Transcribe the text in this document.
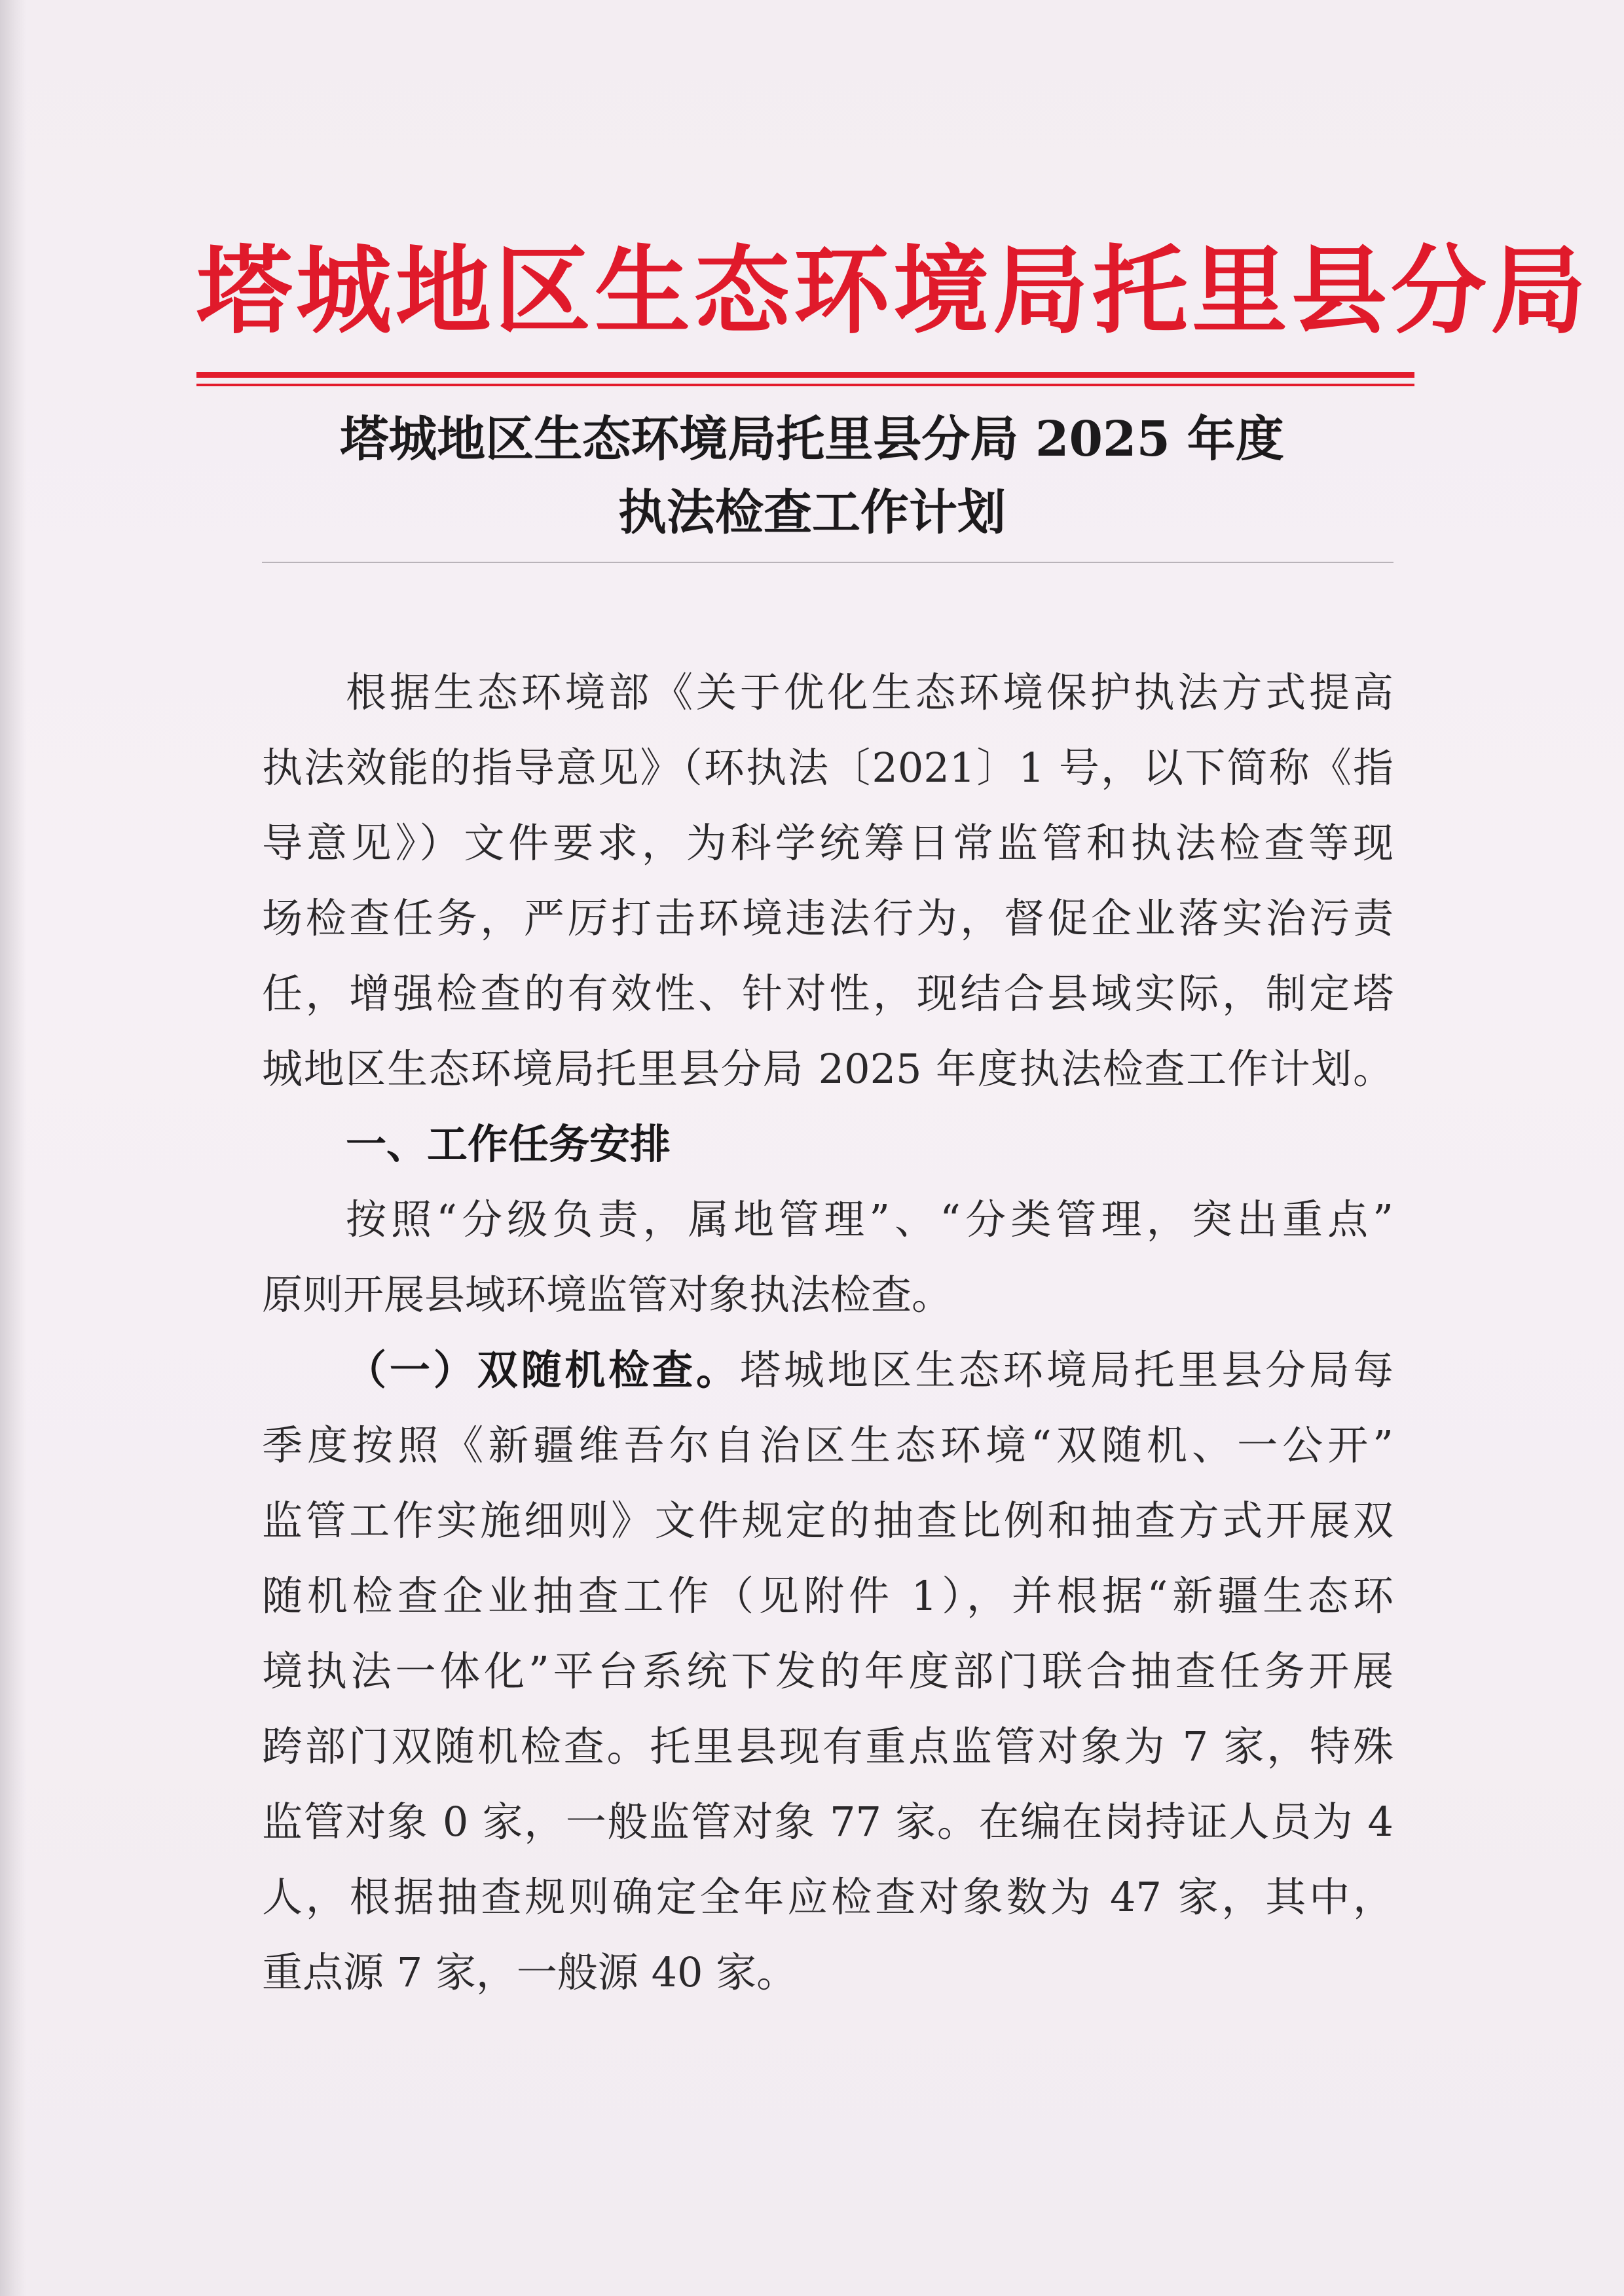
塔城地区生态环境局托里县分局
塔城地区生态环境局托里县分局 2025 年度
执法检查工作计划
根据生态环境部《关于优化生态环境保护执法方式提高
执法效能的指导意见》（环执法〔2021〕1 号，以下简称《指
导意见》）文件要求，为科学统筹日常监管和执法检查等现
场检查任务，严厉打击环境违法行为，督促企业落实治污责
任，增强检查的有效性、针对性，现结合县域实际，制定塔
城地区生态环境局托里县分局 2025 年度执法检查工作计划。
一、工作任务安排
按照“分级负责，属地管理”、“分类管理，突出重点”
原则开展县域环境监管对象执法检查。
（一）双随机检查。塔城地区生态环境局托里县分局每
季度按照《新疆维吾尔自治区生态环境“双随机、一公开”
监管工作实施细则》文件规定的抽查比例和抽查方式开展双
随机检查企业抽查工作（见附件 1），并根据“新疆生态环
境执法一体化”平台系统下发的年度部门联合抽查任务开展
跨部门双随机检查。托里县现有重点监管对象为 7 家，特殊
监管对象 0 家，一般监管对象 77 家。在编在岗持证人员为 4
人，根据抽查规则确定全年应检查对象数为 47 家，其中，
重点源 7 家，一般源 40 家。
